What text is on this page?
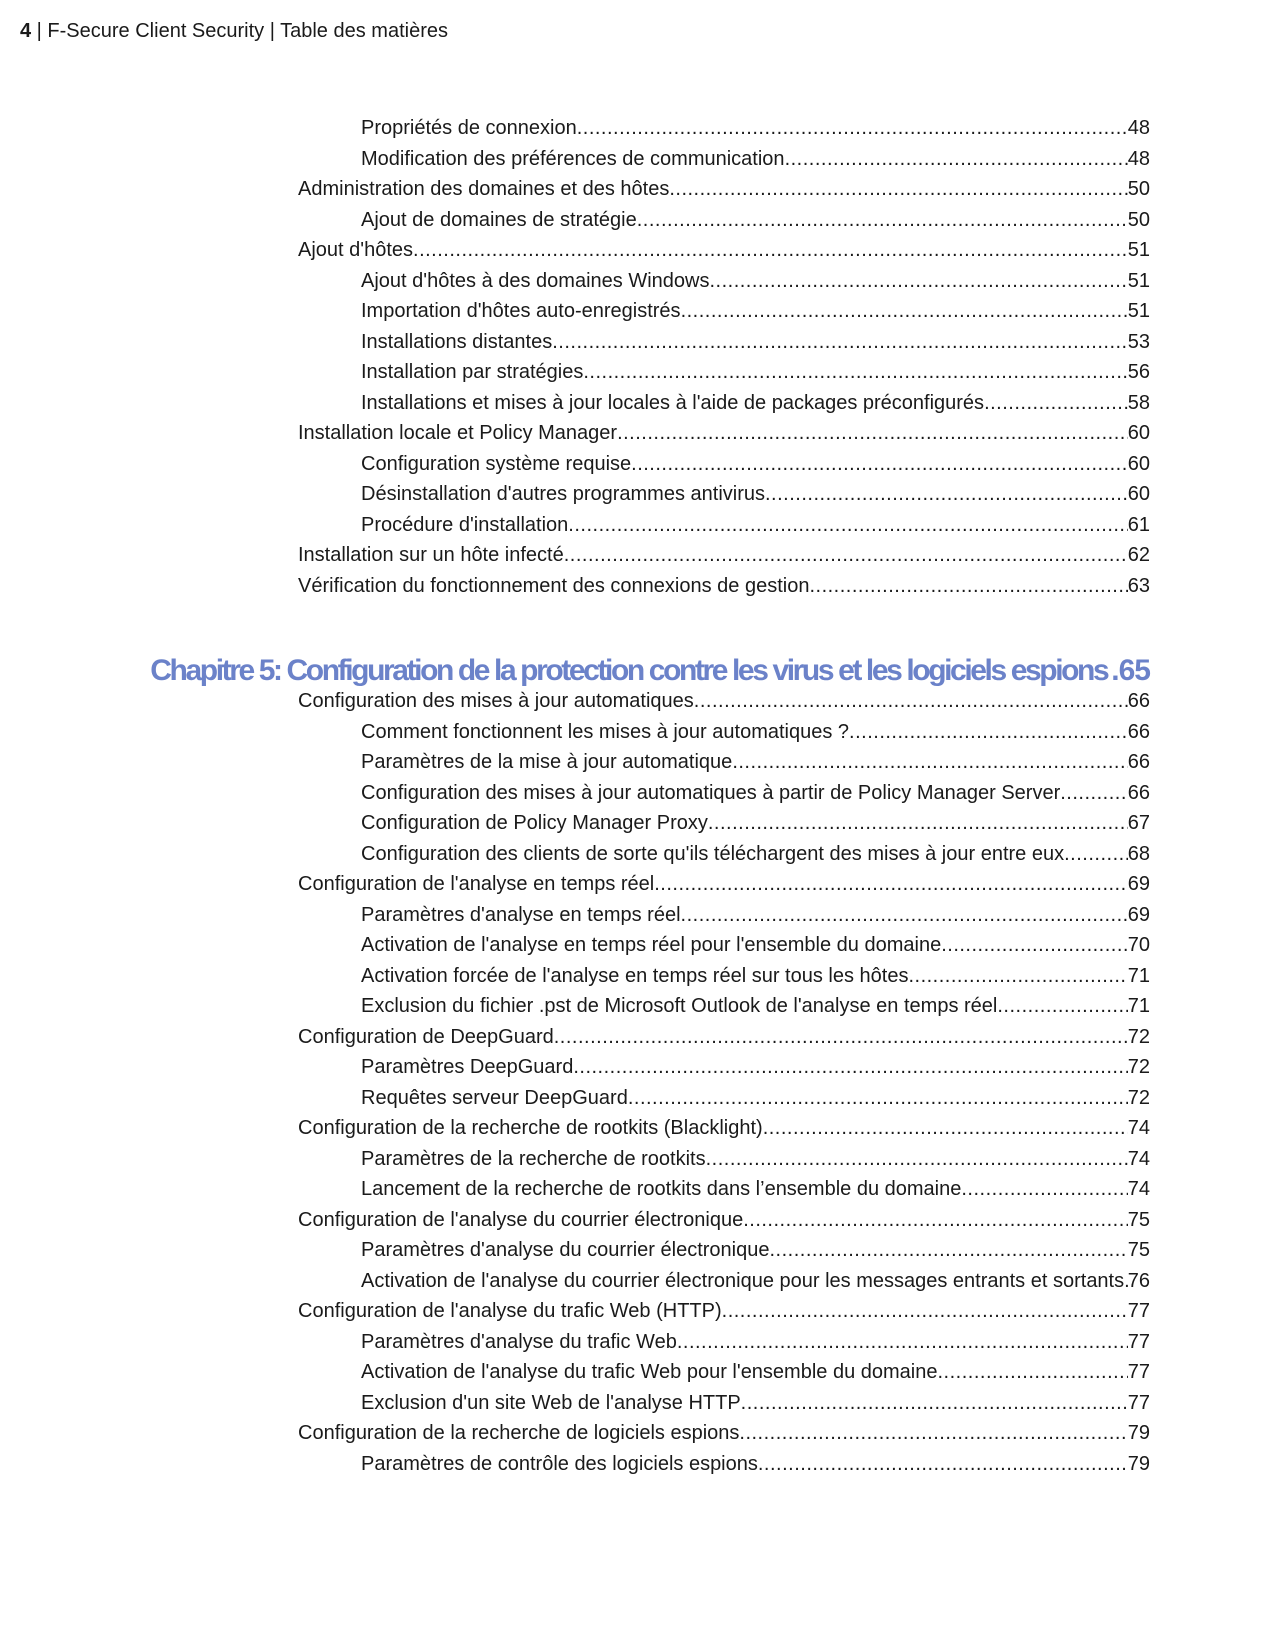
4 | F-Secure Client Security | Table des matières
Propriétés de connexion .....	48
Modification des préférences de communication .....	48
Administration des domaines et des hôtes .....	50
Ajout de domaines de stratégie .....	50
Ajout d'hôtes .....	51
Ajout d'hôtes à des domaines Windows .....	51
Importation d'hôtes auto-enregistrés .....	51
Installations distantes .....	53
Installation par stratégies .....	56
Installations et mises à jour locales à l'aide de packages préconfigurés .....	58
Installation locale et Policy Manager .....	60
Configuration système requise .....	60
Désinstallation d'autres programmes antivirus .....	60
Procédure d'installation .....	61
Installation sur un hôte infecté .....	62
Vérification du fonctionnement des connexions de gestion .....	63
Chapitre 5: Configuration de la protection contre les virus et les logiciels espions .65
Configuration des mises à jour automatiques .....	66
Comment fonctionnent les mises à jour automatiques ? .....	66
Paramètres de la mise à jour automatique .....	66
Configuration des mises à jour automatiques à partir de Policy Manager Server .....	66
Configuration de Policy Manager Proxy .....	67
Configuration des clients de sorte qu'ils téléchargent des mises à jour entre eux .....	68
Configuration de l'analyse en temps réel .....	69
Paramètres d'analyse en temps réel .....	69
Activation de l'analyse en temps réel pour l'ensemble du domaine .....	70
Activation forcée de l'analyse en temps réel sur tous les hôtes .....	71
Exclusion du fichier .pst de Microsoft Outlook de l'analyse en temps réel .....	71
Configuration de DeepGuard .....	72
Paramètres DeepGuard .....	72
Requêtes serveur DeepGuard .....	72
Configuration de la recherche de rootkits (Blacklight) .....	74
Paramètres de la recherche de rootkits .....	74
Lancement de la recherche de rootkits dans l’ensemble du domaine .....	74
Configuration de l'analyse du courrier électronique .....	75
Paramètres d'analyse du courrier électronique .....	75
Activation de l'analyse du courrier électronique pour les messages entrants et sortants ..... 76
Configuration de l'analyse du trafic Web (HTTP) .....	77
Paramètres d'analyse du trafic Web .....	77
Activation de l'analyse du trafic Web pour l'ensemble du domaine .....	77
Exclusion d'un site Web de l'analyse HTTP .....	77
Configuration de la recherche de logiciels espions .....	79
Paramètres de contrôle des logiciels espions .....	79
